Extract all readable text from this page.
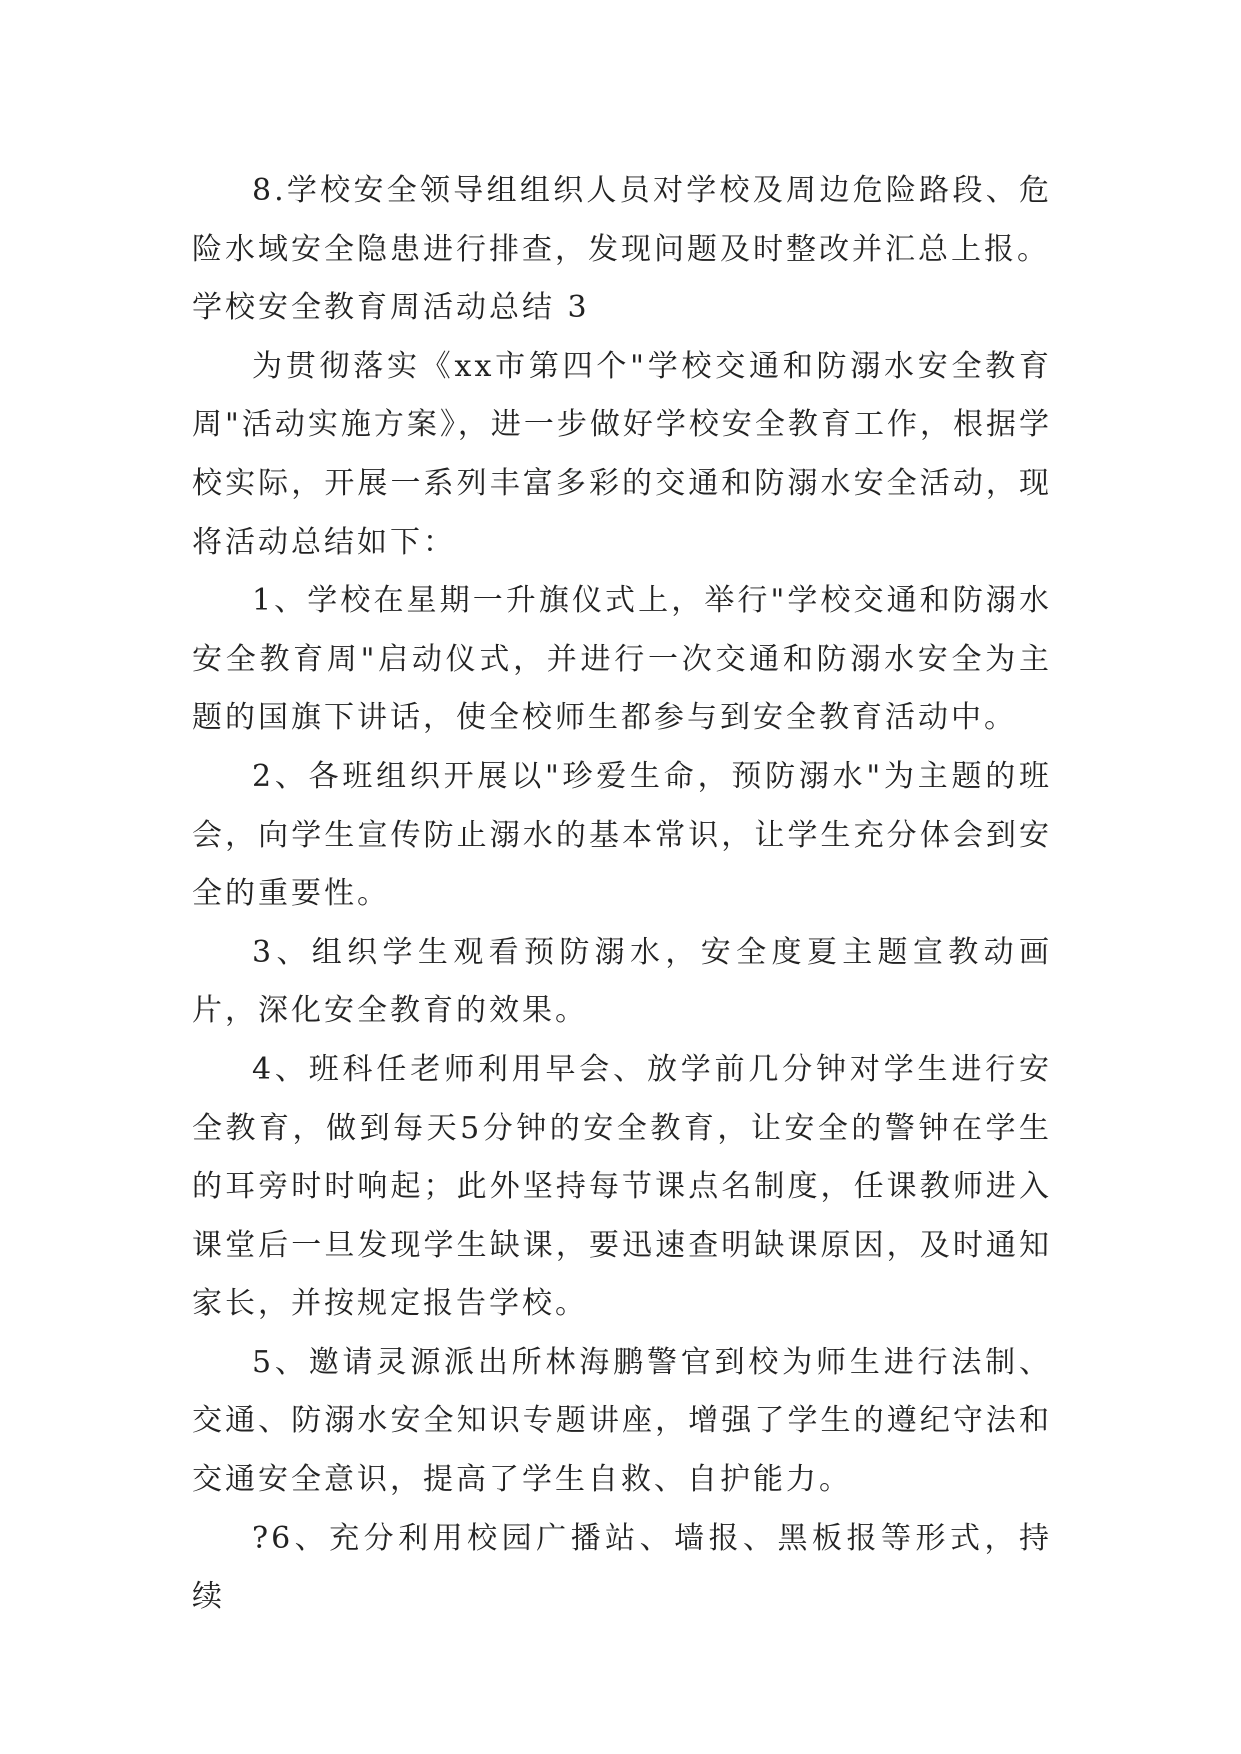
8.学校安全领导组组织人员对学校及周边危险路段、危险水域安全隐患进行排查，发现问题及时整改并汇总上报。

学校安全教育周活动总结 3

为贯彻落实《xx市第四个"学校交通和防溺水安全教育周"活动实施方案》，进一步做好学校安全教育工作，根据学校实际，开展一系列丰富多彩的交通和防溺水安全活动，现将活动总结如下：

1、学校在星期一升旗仪式上，举行"学校交通和防溺水安全教育周"启动仪式，并进行一次交通和防溺水安全为主题的国旗下讲话，使全校师生都参与到安全教育活动中。

2、各班组织开展以"珍爱生命，预防溺水"为主题的班会，向学生宣传防止溺水的基本常识，让学生充分体会到安全的重要性。

3、组织学生观看预防溺水，安全度夏主题宣教动画片，深化安全教育的效果。

4、班科任老师利用早会、放学前几分钟对学生进行安全教育，做到每天5分钟的安全教育，让安全的警钟在学生的耳旁时时响起；此外坚持每节课点名制度，任课教师进入课堂后一旦发现学生缺课，要迅速查明缺课原因，及时通知家长，并按规定报告学校。

5、邀请灵源派出所林海鹏警官到校为师生进行法制、交通、防溺水安全知识专题讲座，增强了学生的遵纪守法和交通安全意识，提高了学生自救、自护能力。

?6、充分利用校园广播站、墙报、黑板报等形式，持续
